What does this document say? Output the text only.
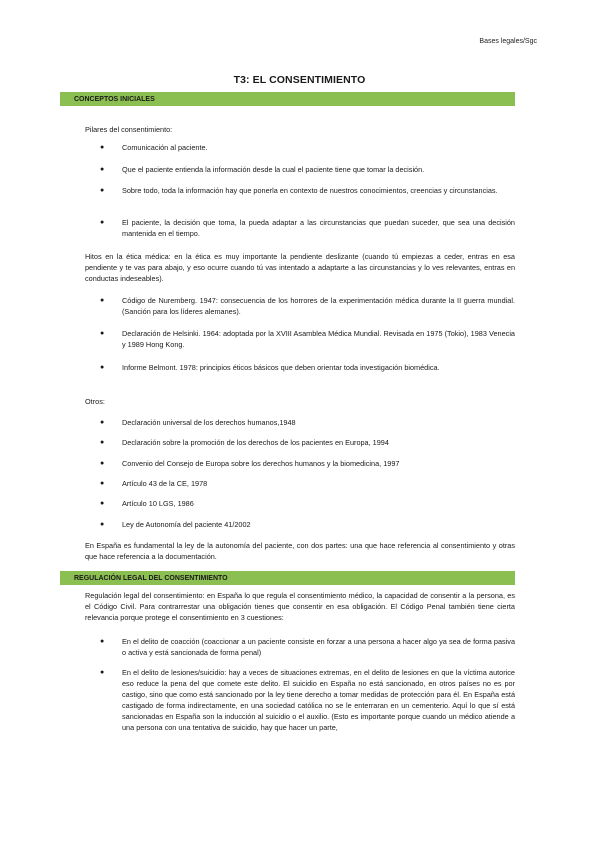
Bases legales/Sgc
T3: EL CONSENTIMIENTO
CONCEPTOS INICIALES
Pilares del consentimiento:
●	Comunicación al paciente.
●	Que el paciente entienda la información desde la cual el paciente tiene que tomar la decisión.
●	Sobre todo, toda la información hay que ponerla en contexto de nuestros conocimientos, creencias y circunstancias.
●	El paciente, la decisión que toma, la pueda adaptar a las circunstancias que puedan suceder, que sea una decisión mantenida en el tiempo.
Hitos en la ética médica: en la ética es muy importante la pendiente deslizante (cuando tú empiezas a ceder, entras en esa pendiente y te vas para abajo, y eso ocurre cuando tú vas intentado a adaptarte a las circunstancias y lo ves relevantes, entras en conductas indeseables).
●	Código de Nuremberg. 1947: consecuencia de los horrores de la experimentación médica durante la II guerra mundial. (Sanción para los líderes alemanes).
●	Declaración de Helsinki. 1964: adoptada por la XVIII Asamblea Médica Mundial. Revisada en 1975 (Tokio), 1983 Venecia y 1989 Hong Kong.
●	Informe Belmont. 1978: principios éticos básicos que deben orientar toda investigación biomédica.
Otros:
●	Declaración universal de los derechos humanos,1948
●	Declaración sobre la promoción de los derechos de los pacientes en Europa, 1994
●	Convenio del Consejo de Europa sobre los derechos humanos y la biomedicina, 1997
●	Artículo 43 de la CE, 1978
●	Artículo 10 LGS, 1986
●	Ley de Autonomía del paciente 41/2002
En España es fundamental la ley de la autonomía del paciente, con dos partes: una que hace referencia al consentimiento y otras que hace referencia a la documentación.
REGULACIÓN LEGAL DEL CONSENTIMIENTO
Regulación legal del consentimiento: en España lo que regula el consentimiento médico, la capacidad de consentir a la persona, es el Código Civil. Para contrarrestar una obligación tienes que consentir en esa obligación. El Código Penal también tiene cierta relevancia porque protege el consentimiento en 3 cuestiones:
●	En el delito de coacción (coaccionar a un paciente consiste en forzar a una persona a hacer algo ya sea de forma pasiva o activa y está sancionada de forma penal)
●	En el delito de lesiones/suicidio: hay a veces de situaciones extremas, en el delito de lesiones en que la víctima autorice eso reduce la pena del que comete este delito. El suicidio en España no está sancionado, en otros países no es por castigo, sino que como está sancionado por la ley tiene derecho a tomar medidas de protección para él. En España está castigado de forma indirectamente, en una sociedad católica no se le enterraran en un cementerio. Aquí lo que sí está sancionadas en España son la inducción al suicidio o el auxilio. (Esto es importante porque cuando un médico atiende a una persona con una tentativa de suicidio, hay que hacer un parte,
